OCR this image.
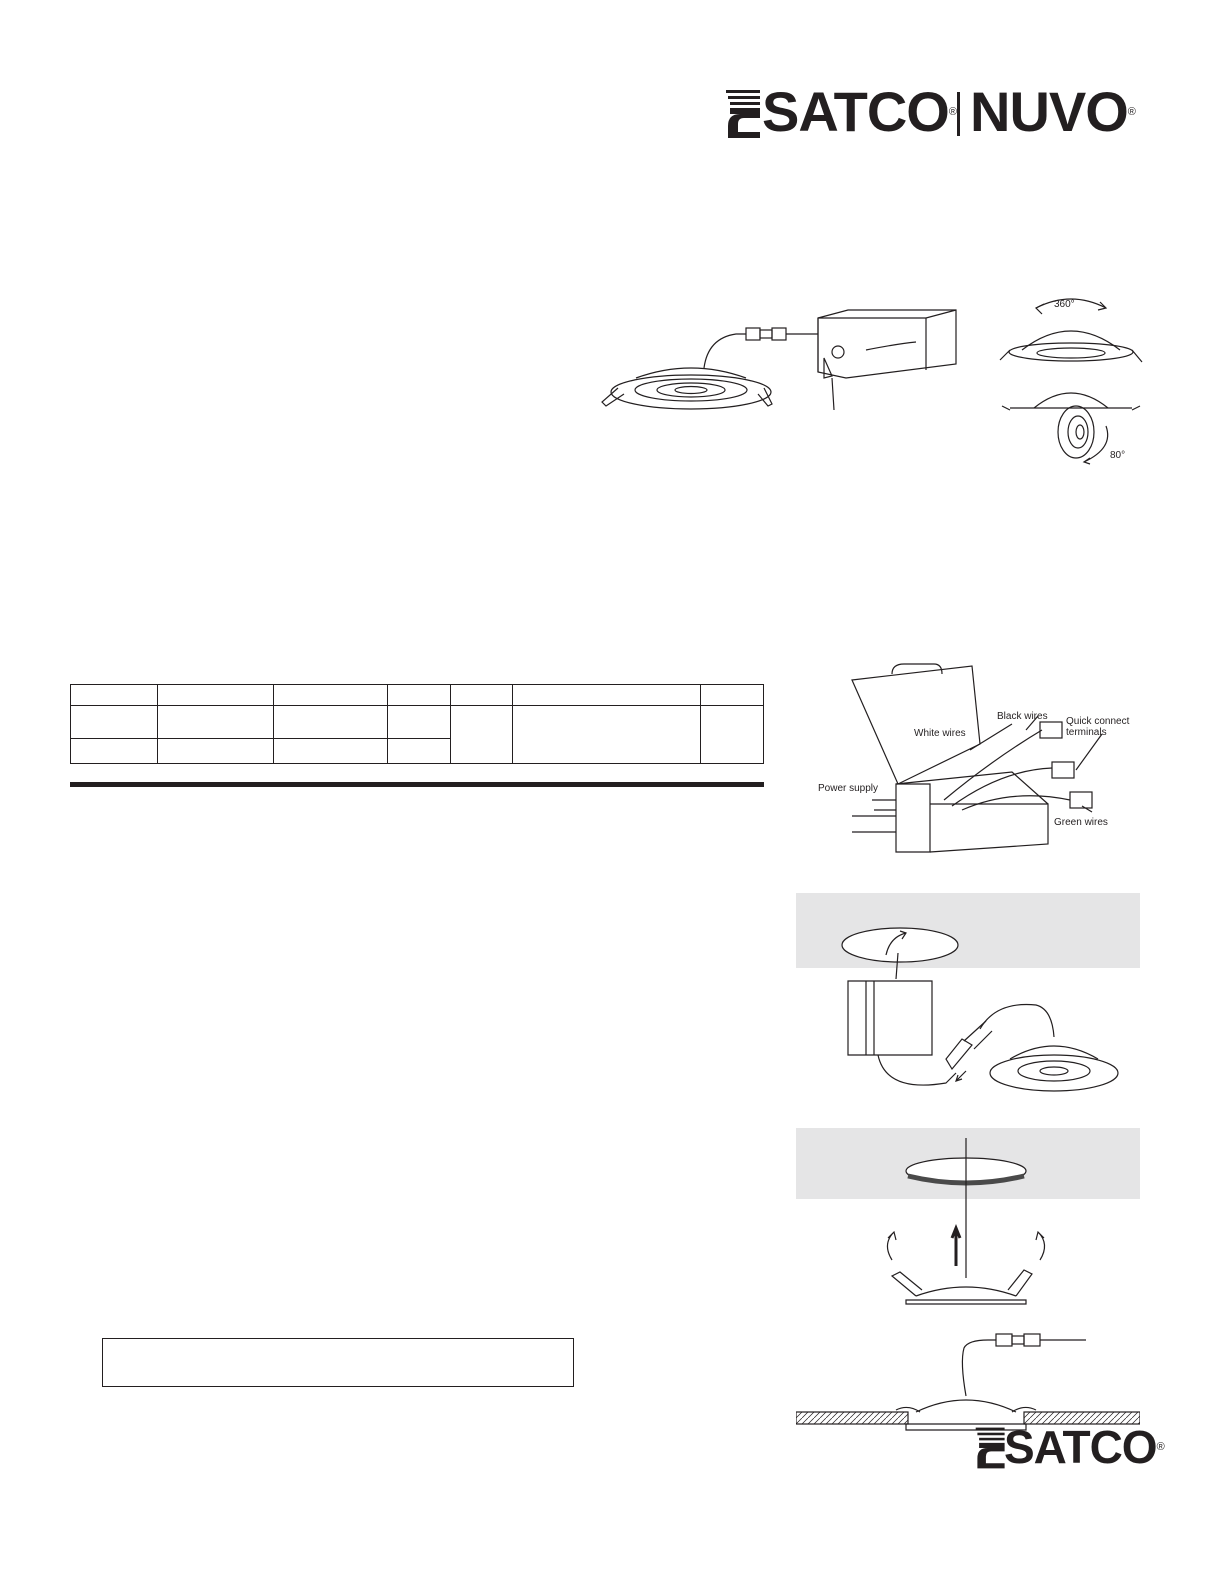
SATCO® NUVO®
360°
80°

White wires
Black wires Quick connect terminals
Power supply
Green wires
SATCO®
